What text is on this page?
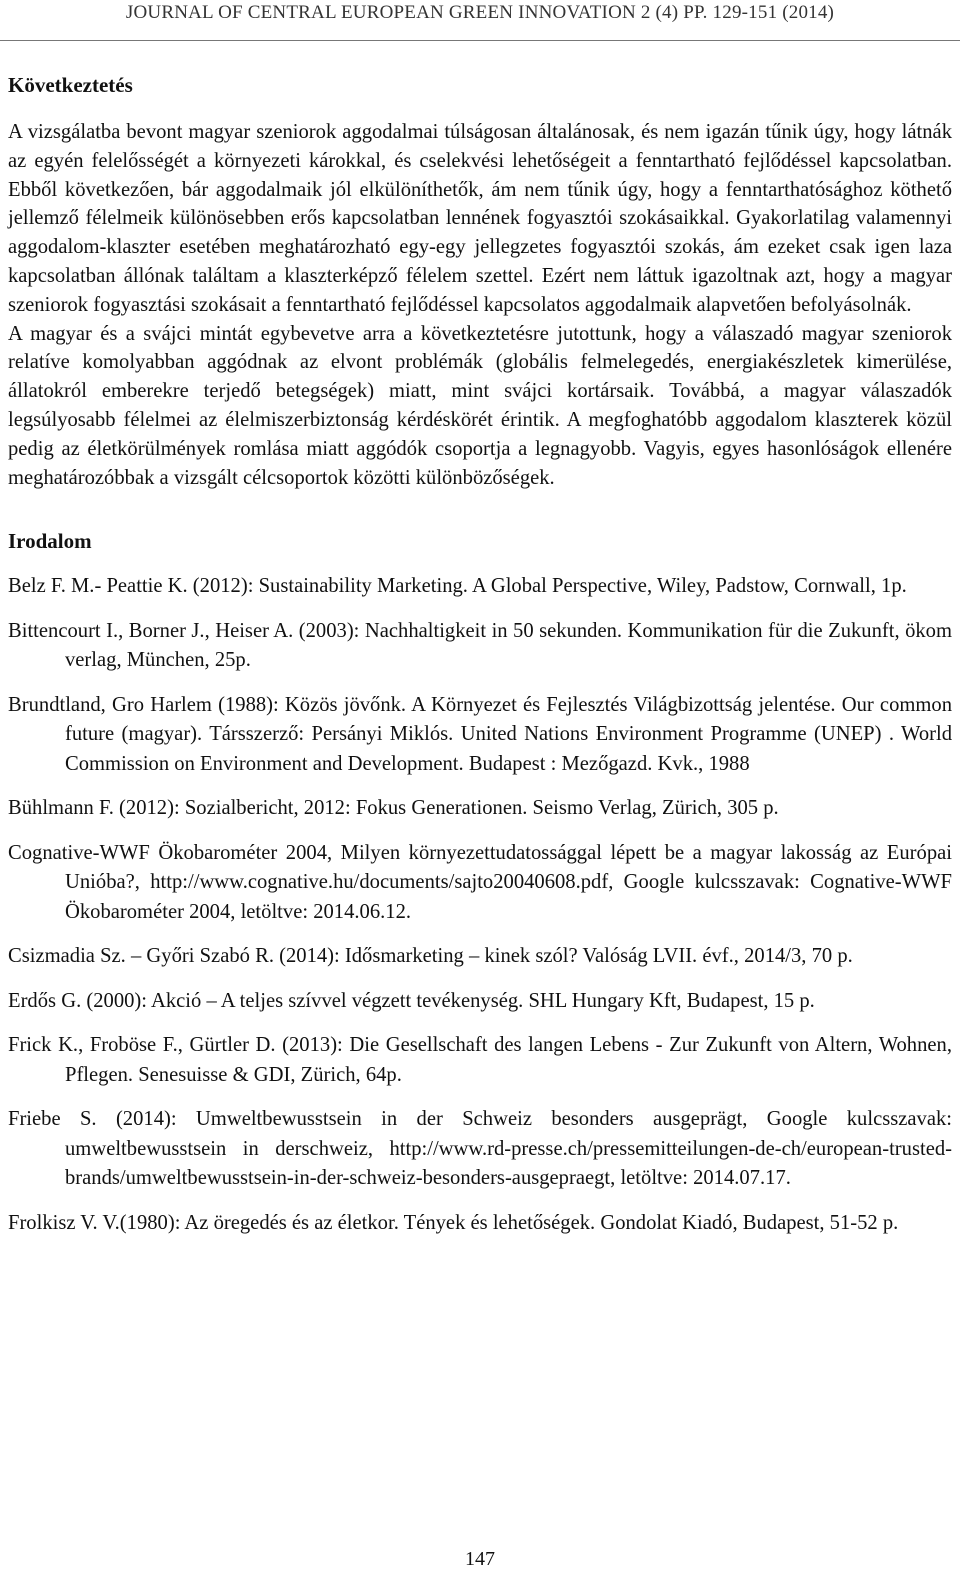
JOURNAL OF CENTRAL EUROPEAN GREEN INNOVATION 2 (4) PP. 129-151 (2014)
Következtetés

A vizsgálatba bevont magyar szeniorok aggodalmai túlságosan általánosak, és nem igazán tűnik úgy, hogy látnák az egyén felelősségét a környezeti károkkal, és cselekvési lehetőségeit a fenntartható fejlődéssel kapcsolatban. Ebből következően, bár aggodalmaik jól elkülöníthetők, ám nem tűnik úgy, hogy a fenntarthatósághoz köthető jellemző félelmeik különösebben erős kapcsolatban lennének fogyasztói szokásaikkal. Gyakorlatilag valamennyi aggodalom-klaszter esetében meghatározható egy-egy jellegzetes fogyasztói szokás, ám ezeket csak igen laza kapcsolatban állónak találtam a klaszterképző félelem szettel. Ezért nem láttuk igazoltnak azt, hogy a magyar szeniorok fogyasztási szokásait a fenntartható fejlődéssel kapcsolatos aggodalmaik alapvetően befolyásolnák.

A magyar és a svájci mintát egybevetve arra a következtetésre jutottunk, hogy a válaszadó magyar szeniorok relatíve komolyabban aggódnak az elvont problémák (globális felmelegedés, energiakészletek kimerülése, állatokról emberekre terjedő betegségek) miatt, mint svájci kortársaik. Továbbá, a magyar válaszadók legsúlyosabb félelmei az élelmiszerbiztonság kérdéskörét érintik. A megfoghatóbb aggodalom klaszterek közül pedig az életkörülmények romlása miatt aggódók csoportja a legnagyobb. Vagyis, egyes hasonlóságok ellenére meghatározóbbak a vizsgált célcsoportok közötti különbözőségek.

Irodalom
Belz F. M.- Peattie K. (2012): Sustainability Marketing. A Global Perspective, Wiley, Padstow, Cornwall, 1p.
Bittencourt I., Borner J., Heiser A. (2003): Nachhaltigkeit in 50 sekunden. Kommunikation für die Zukunft, ökom verlag, München, 25p.
Brundtland, Gro Harlem (1988): Közös jövőnk. A Környezet és Fejlesztés Világbizottság jelentése. Our common future (magyar). Társszerző: Persányi Miklós. United Nations Environment Programme (UNEP) . World Commission on Environment and Development. Budapest : Mezőgazd. Kvk., 1988
Bühlmann F. (2012): Sozialbericht, 2012: Fokus Generationen. Seismo Verlag, Zürich, 305 p.
Cognative-WWF Ökobarométer 2004, Milyen környezettudatossággal lépett be a magyar lakosság az Európai Unióba?, http://www.cognative.hu/documents/sajto20040608.pdf, Google kulcsszavak: Cognative-WWF Ökobarométer 2004, letöltve: 2014.06.12.
Csizmadia Sz. – Győri Szabó R. (2014): Idősmarketing – kinek szól? Valóság LVII. évf., 2014/3, 70 p.
Erdős G. (2000): Akció – A teljes szívvel végzett tevékenység. SHL Hungary Kft, Budapest, 15 p.
Frick K., Froböse F., Gürtler D. (2013): Die Gesellschaft des langen Lebens - Zur Zukunft von Altern, Wohnen, Pflegen. Senesuisse & GDI, Zürich, 64p.
Friebe S. (2014): Umweltbewusstsein in der Schweiz besonders ausgeprägt, Google kulcsszavak: umweltbewusstsein in derschweiz, http://www.rd-presse.ch/pressemitteilungen-de-ch/european-trusted-brands/umweltbewusstsein-in-der-schweiz-besonders-ausgepraegt, letöltve: 2014.07.17.
Frolkisz V. V.(1980): Az öregedés és az életkor. Tények és lehetőségek. Gondolat Kiadó, Budapest, 51-52 p.
147
